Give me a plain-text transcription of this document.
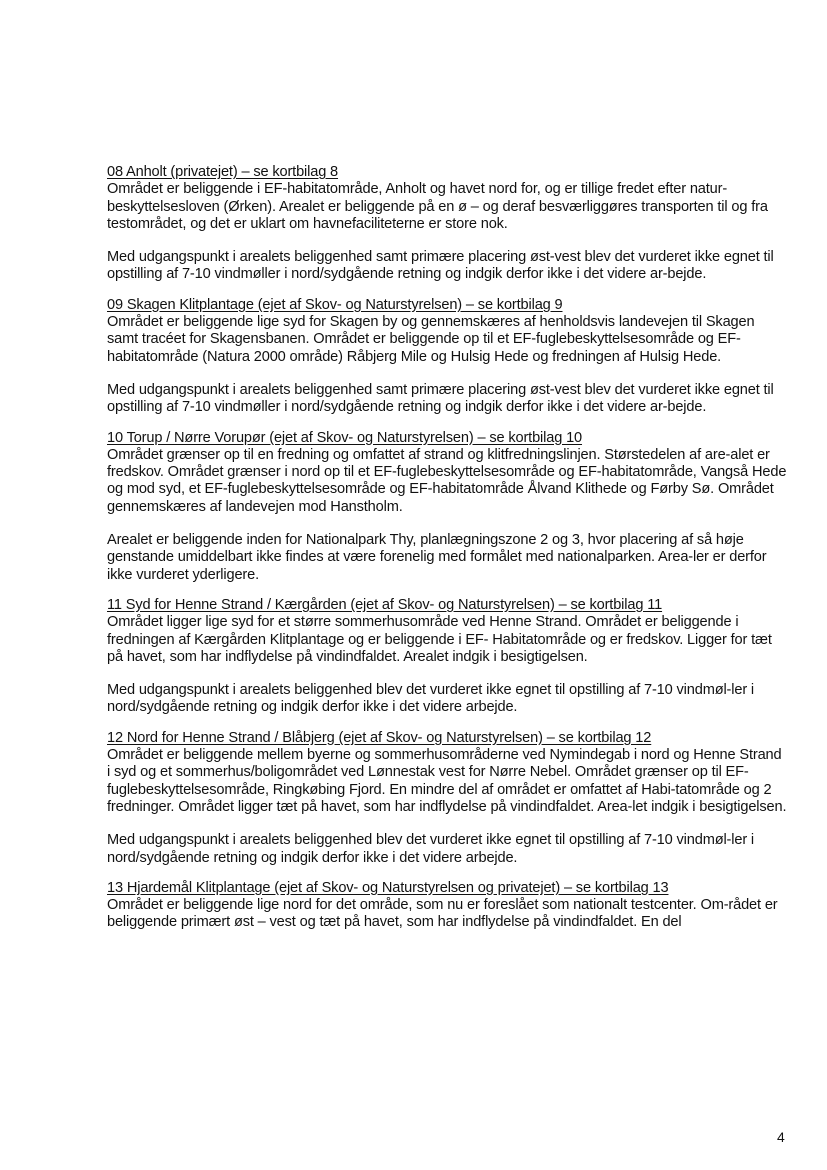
08 Anholt (privatejet) – se kortbilag 8

Området er beliggende i EF-habitatområde, Anholt og havet nord for, og er tillige fredet efter natur-beskyttelsesloven (Ørken). Arealet er beliggende på en ø – og deraf besværliggøres transporten til og fra testområdet, og det er uklart om havnefaciliteterne er store nok.

Med udgangspunkt i arealets beliggenhed samt primære placering øst-vest blev det vurderet ikke egnet til opstilling af 7-10 vindmøller i nord/sydgående retning og indgik derfor ikke i det videre ar-bejde.

09 Skagen Klitplantage (ejet af Skov- og Naturstyrelsen) – se kortbilag 9

Området er beliggende lige syd for Skagen by og gennemskæres af henholdsvis landevejen til Skagen samt tracéet for Skagensbanen. Området er beliggende op til et EF-fuglebeskyttelsesområde og EF-habitatområde (Natura 2000 område) Råbjerg Mile og Hulsig Hede og fredningen af Hulsig Hede.

Med udgangspunkt i arealets beliggenhed samt primære placering øst-vest blev det vurderet ikke egnet til opstilling af 7-10 vindmøller i nord/sydgående retning og indgik derfor ikke i det videre ar-bejde.

10 Torup / Nørre Vorupør (ejet af Skov- og Naturstyrelsen) – se kortbilag 10

Området grænser op til en fredning og omfattet af strand og klitfredningslinjen. Størstedelen af are-alet er fredskov. Området grænser i nord op til et EF-fuglebeskyttelsesområde og EF-habitatområde, Vangså Hede og mod syd, et EF-fuglebeskyttelsesområde og EF-habitatområde Ålvand Klithede og Førby Sø. Området gennemskæres af landevejen mod Hanstholm.

Arealet er beliggende inden for Nationalpark Thy, planlægningszone 2 og 3, hvor placering af så høje genstande umiddelbart ikke findes at være forenelig med formålet med nationalparken. Area-ler er derfor ikke vurderet yderligere.

11 Syd for Henne Strand / Kærgården (ejet af Skov- og Naturstyrelsen) – se kortbilag 11

Området ligger lige syd for et større sommerhusområde ved Henne Strand. Området er beliggende i fredningen af Kærgården Klitplantage og er beliggende i EF- Habitatområde og er fredskov. Ligger for tæt på havet, som har indflydelse på vindindfaldet. Arealet indgik i besigtigelsen.

Med udgangspunkt i arealets beliggenhed blev det vurderet ikke egnet til opstilling af 7-10 vindmøl-ler i nord/sydgående retning og indgik derfor ikke i det videre arbejde.

12 Nord for Henne Strand / Blåbjerg (ejet af Skov- og Naturstyrelsen) – se kortbilag 12

Området er beliggende mellem byerne og sommerhusområderne ved Nymindegab i nord og Henne Strand i syd og et sommerhus/boligområdet ved Lønnestak vest for Nørre Nebel. Området grænser op til EF-fuglebeskyttelsesområde, Ringkøbing Fjord. En mindre del af området er omfattet af Habi-tatområde og 2 fredninger. Området ligger tæt på havet, som har indflydelse på vindindfaldet. Area-let indgik i besigtigelsen.

Med udgangspunkt i arealets beliggenhed blev det vurderet ikke egnet til opstilling af 7-10 vindmøl-ler i nord/sydgående retning og indgik derfor ikke i det videre arbejde.

13 Hjardemål Klitplantage (ejet af Skov- og Naturstyrelsen og privatejet) – se kortbilag 13

Området er beliggende lige nord for det område, som nu er foreslået som nationalt testcenter. Om-rådet er beliggende primært øst – vest og tæt på havet, som har indflydelse på vindindfaldet. En del

4
